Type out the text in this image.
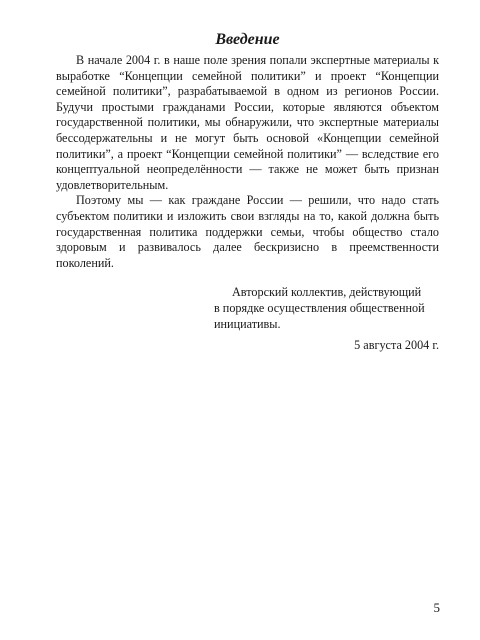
Введение

В начале 2004 г. в наше поле зрения попали экспертные материалы к выработке “Концепции семейной политики” и проект “Концепции семейной политики”, разрабатываемой в одном из регионов России. Будучи простыми гражданами России, которые являются объектом государственной политики, мы обнаружили, что экспертные материалы бессодержательны и не могут быть основой «Концепции семейной политики”, а проект “Концепции семейной политики” — вследствие его концептуальной неопределённости — также не может быть признан удовлетворительным.

Поэтому мы — как граждане России — решили, что надо стать субъектом политики и изложить свои взгляды на то, какой должна быть государственная политика поддержки семьи, чтобы общество стало здоровым и развивалось далее бескризисно в преемственности поколений.

Авторский коллектив, действующий
в порядке осуществления общественной
инициативы.
5 августа 2004 г.
5
